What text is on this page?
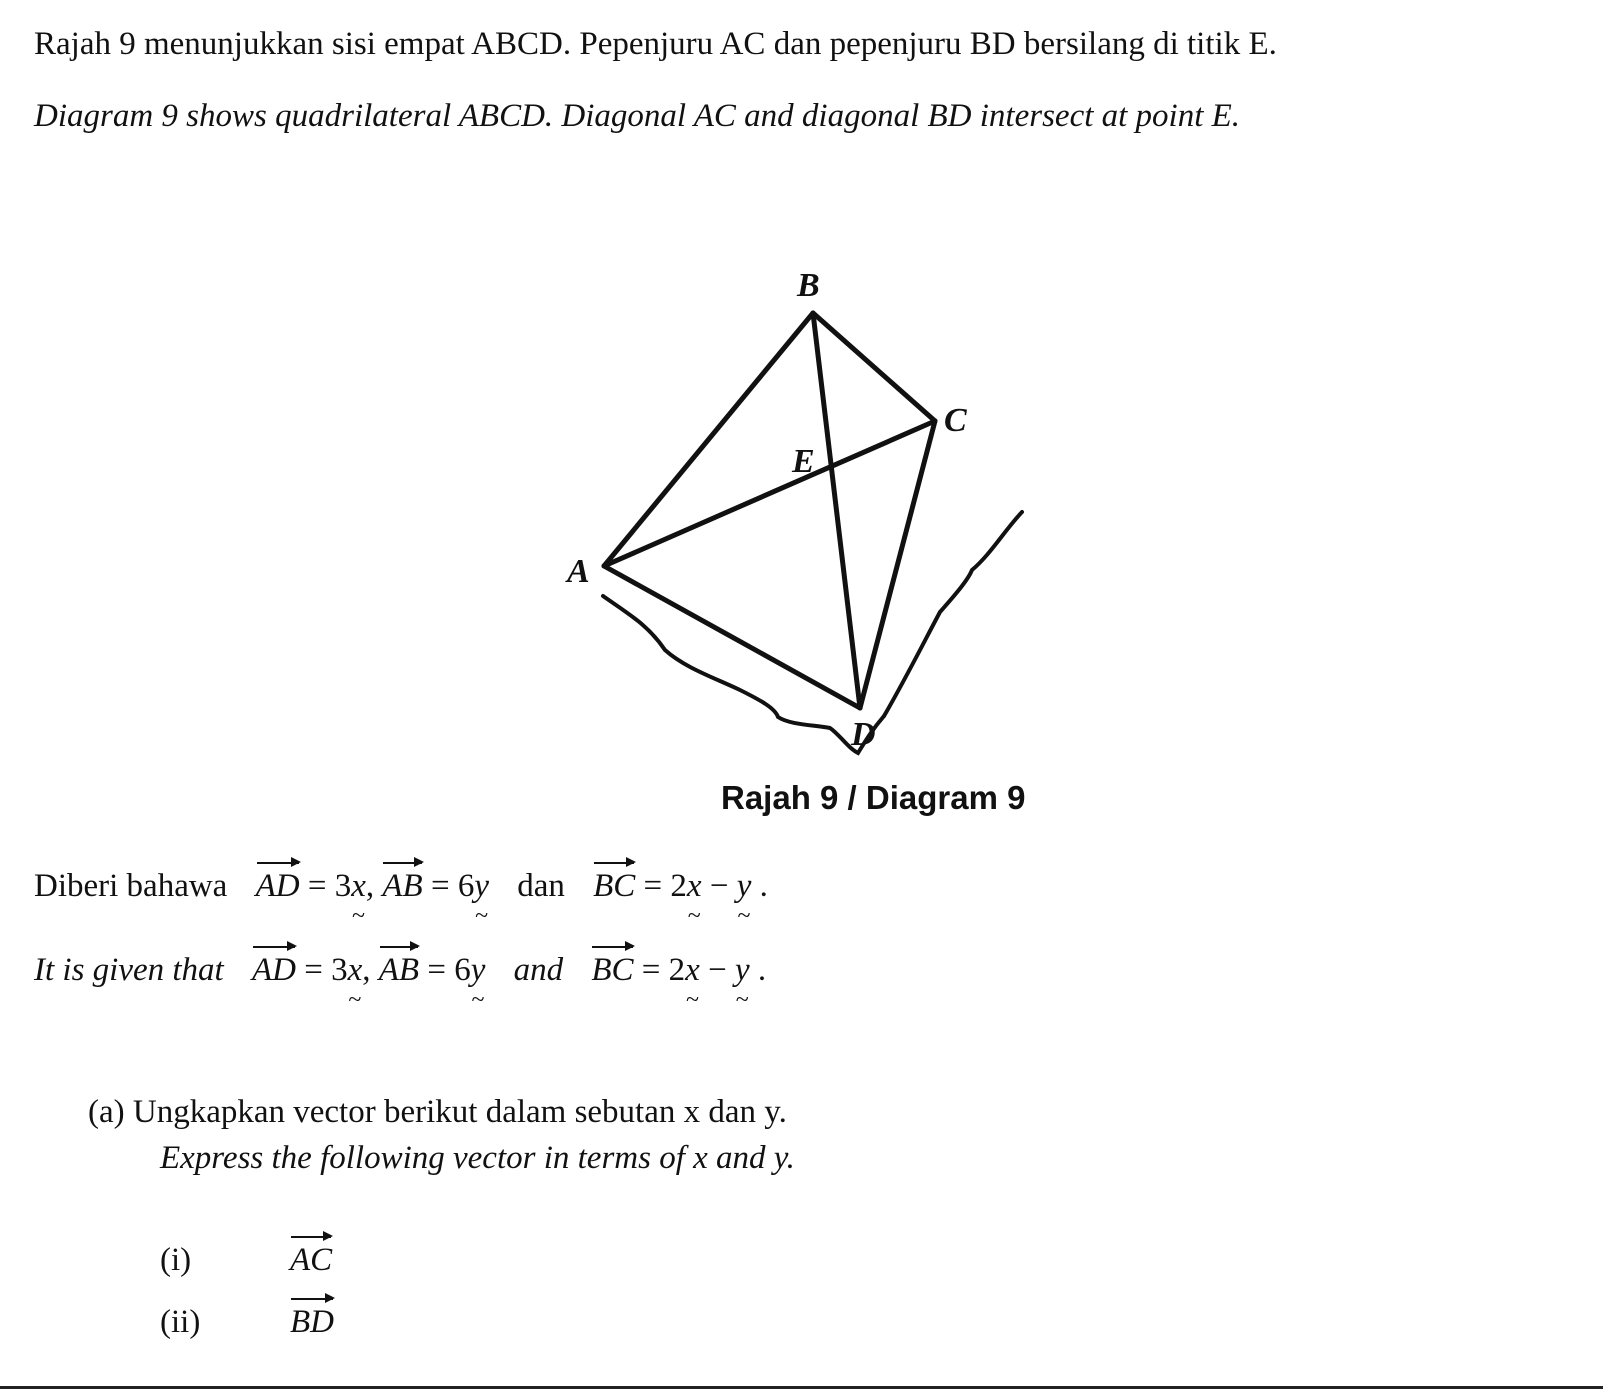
Rajah 9 menunjukkan sisi empat ABCD. Pepenjuru AC dan pepenjuru BD bersilang di titik E.
Diagram 9 shows quadrilateral ABCD. Diagonal AC and diagonal BD intersect at point E.
B
C
E
A
D
Rajah 9 / Diagram 9
Diberi bahawa AD = 3x ~, AB = 6y ~ dan BC = 2x ~ − y ~ .
It is given that AD = 3x ~, AB = 6y ~ and BC = 2x ~ − y ~ .
(a) Ungkapkan vector berikut dalam sebutan x dan y.
Express the following vector in terms of x and y.
(i)	AC
(ii)	BD
